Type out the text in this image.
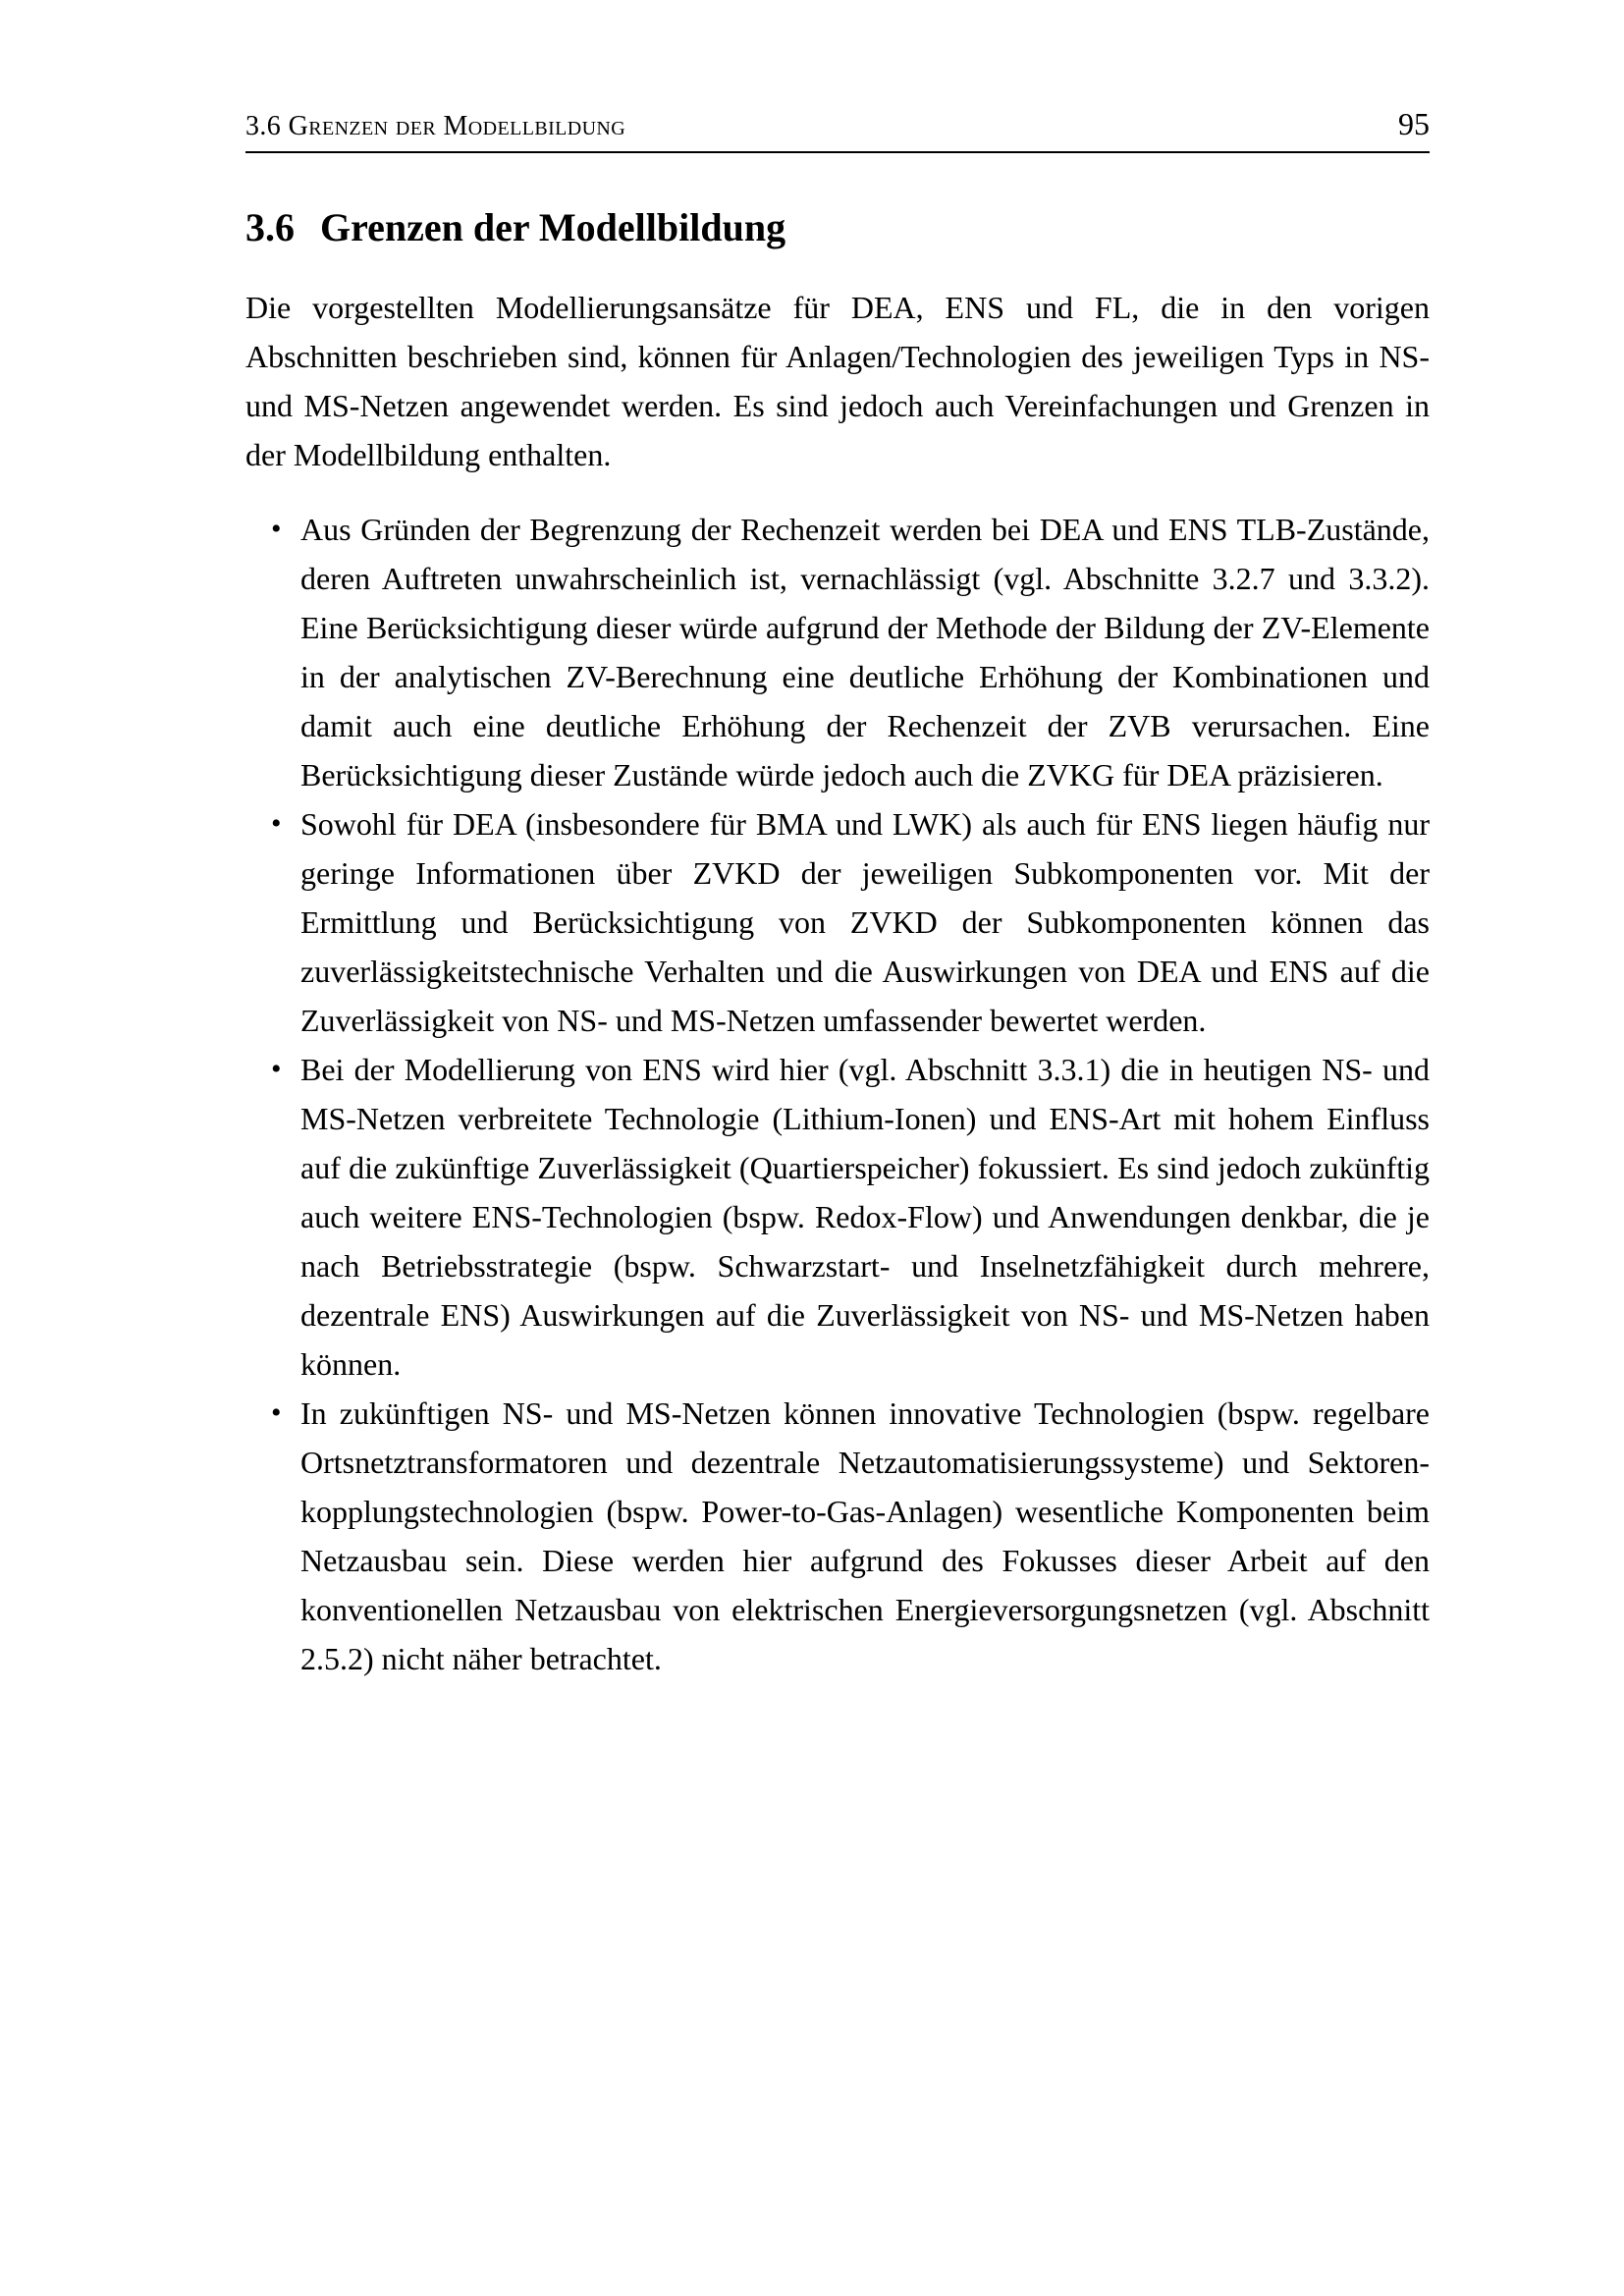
3.6 Grenzen der Modellbildung	95
3.6 Grenzen der Modellbildung

Die vorgestellten Modellierungsansätze für DEA, ENS und FL, die in den vorigen Abschnitten beschrieben sind, können für Anlagen/Technologien des jeweiligen Typs in NS- und MS-Netzen angewendet werden. Es sind jedoch auch Vereinfachungen und Grenzen in der Modellbildung enthalten.

• Aus Gründen der Begrenzung der Rechenzeit werden bei DEA und ENS TLB-Zustände, deren Auftreten unwahrscheinlich ist, vernachlässigt (vgl. Abschnitte 3.2.7 und 3.3.2). Eine Berücksichtigung dieser würde aufgrund der Methode der Bildung der ZV-Elemente in der analytischen ZV-Berechnung eine deutliche Erhöhung der Kombinationen und damit auch eine deutliche Erhöhung der Rechenzeit der ZVB verursachen. Eine Berücksichtigung dieser Zustände würde jedoch auch die ZVKG für DEA präzisieren.
• Sowohl für DEA (insbesondere für BMA und LWK) als auch für ENS liegen häufig nur geringe Informationen über ZVKD der jeweiligen Subkomponenten vor. Mit der Ermittlung und Berücksichtigung von ZVKD der Subkomponenten können das zuverlässigkeitstechnische Verhalten und die Auswirkungen von DEA und ENS auf die Zuverlässigkeit von NS- und MS-Netzen umfassender bewertet werden.
• Bei der Modellierung von ENS wird hier (vgl. Abschnitt 3.3.1) die in heutigen NS- und MS-Netzen verbreitete Technologie (Lithium-Ionen) und ENS-Art mit hohem Einfluss auf die zukünftige Zuverlässigkeit (Quartierspeicher) fokussiert. Es sind jedoch zukünftig auch weitere ENS-Technologien (bspw. Redox-Flow) und Anwendungen denkbar, die je nach Betriebsstrategie (bspw. Schwarzstart- und Inselnetzfähigkeit durch mehrere, dezentrale ENS) Auswirkungen auf die Zuverlässigkeit von NS- und MS-Netzen haben können.
• In zukünftigen NS- und MS-Netzen können innovative Technologien (bspw. regelbare Ortsnetztransformatoren und dezentrale Netzautomatisierungssysteme) und Sektorenkopplungstechnologien (bspw. Power-to-Gas-Anlagen) wesentliche Komponenten beim Netzausbau sein. Diese werden hier aufgrund des Fokusses dieser Arbeit auf den konventionellen Netzausbau von elektrischen Energieversorgungsnetzen (vgl. Abschnitt 2.5.2) nicht näher betrachtet.
